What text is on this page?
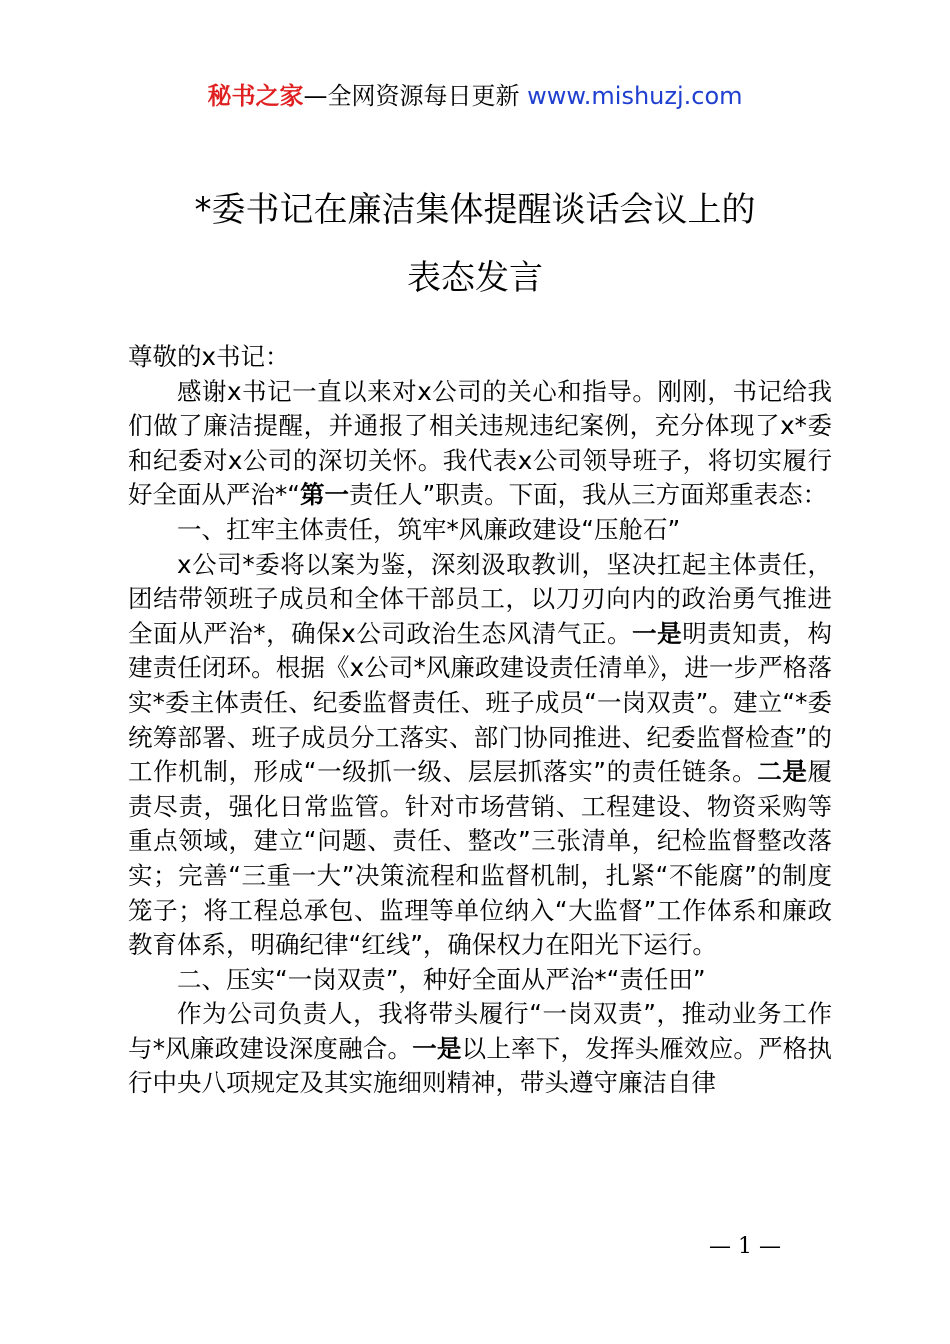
秘书之家—全网资源每日更新 www.mishuzj.com
*委书记在廉洁集体提醒谈话会议上的
表态发言

尊敬的x书记：

感谢x书记一直以来对x公司的关心和指导。刚刚，书记给我们做了廉洁提醒，并通报了相关违规违纪案例，充分体现了x*委和纪委对x公司的深切关怀。我代表x公司领导班子，将切实履行好全面从严治*“第一责任人”职责。下面，我从三方面郑重表态：

一、扛牢主体责任，筑牢*风廉政建设“压舱石”

x公司*委将以案为鉴，深刻汲取教训，坚决扛起主体责任，团结带领班子成员和全体干部员工，以刀刃向内的政治勇气推进全面从严治*，确保x公司政治生态风清气正。一是明责知责，构建责任闭环。根据《x公司*风廉政建设责任清单》，进一步严格落实*委主体责任、纪委监督责任、班子成员“一岗双责”。建立“*委统筹部署、班子成员分工落实、部门协同推进、纪委监督检查”的工作机制，形成“一级抓一级、层层抓落实”的责任链条。二是履责尽责，强化日常监管。针对市场营销、工程建设、物资采购等重点领域，建立“问题、责任、整改”三张清单，纪检监督整改落实；完善“三重一大”决策流程和监督机制，扎紧“不能腐”的制度笼子；将工程总承包、监理等单位纳入“大监督”工作体系和廉政教育体系，明确纪律“红线”，确保权力在阳光下运行。

二、压实“一岗双责”，种好全面从严治*“责任田”

作为公司负责人，我将带头履行“一岗双责”，推动业务工作与*风廉政建设深度融合。一是以上率下，发挥头雁效应。严格执行中央八项规定及其实施细则精神，带头遵守廉洁自律

— 1 —
